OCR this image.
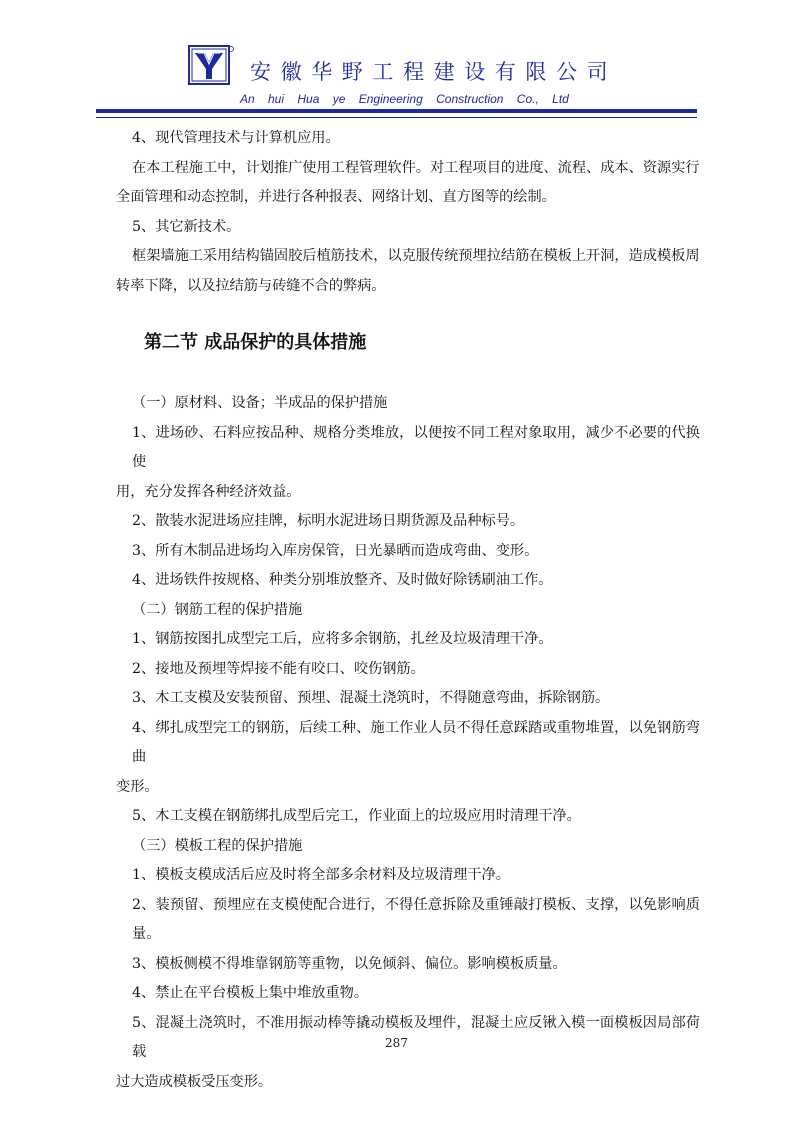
安徽华野工程建设有限公司
An hui Hua ye Engineering Construction Co., Ltd

4、现代管理技术与计算机应用。

在本工程施工中，计划推广使用工程管理软件。对工程项目的进度、流程、成本、资源实行

全面管理和动态控制，并进行各种报表、网络计划、直方图等的绘制。

5、其它新技术。

框架墙施工采用结构锚固胶后植筋技术，以克服传统预埋拉结筋在模板上开洞，造成模板周

转率下降，以及拉结筋与砖缝不合的弊病。

第二节 成品保护的具体措施

（一）原材料、设备；半成品的保护措施

1、进场砂、石料应按品种、规格分类堆放，以便按不同工程对象取用，减少不必要的代换使

用，充分发挥各种经济效益。

2、散装水泥进场应挂牌，标明水泥进场日期货源及品种标号。

3、所有木制品进场均入库房保管，日光暴晒而造成弯曲、变形。

4、进场铁件按规格、种类分别堆放整齐、及时做好除锈刷油工作。

（二）钢筋工程的保护措施

1、钢筋按图扎成型完工后，应将多余钢筋，扎丝及垃圾清理干净。

2、接地及预埋等焊接不能有咬口、咬伤钢筋。

3、木工支模及安装预留、预埋、混凝土浇筑时，不得随意弯曲，拆除钢筋。

4、绑扎成型完工的钢筋，后续工种、施工作业人员不得任意踩踏或重物堆置，以免钢筋弯曲

变形。

5、木工支模在钢筋绑扎成型后完工，作业面上的垃圾应用时清理干净。

（三）模板工程的保护措施

1、模板支模成活后应及时将全部多余材料及垃圾清理干净。

2、装预留、预埋应在支模使配合进行，不得任意拆除及重锤敲打模板、支撑，以免影响质量。

3、模板侧模不得堆靠钢筋等重物，以免倾斜、偏位。影响模板质量。

4、禁止在平台模板上集中堆放重物。

5、混凝土浇筑时，不准用振动棒等撬动模板及埋件，混凝土应反锹入模一面模板因局部荷载

过大造成模板受压变形。

287
